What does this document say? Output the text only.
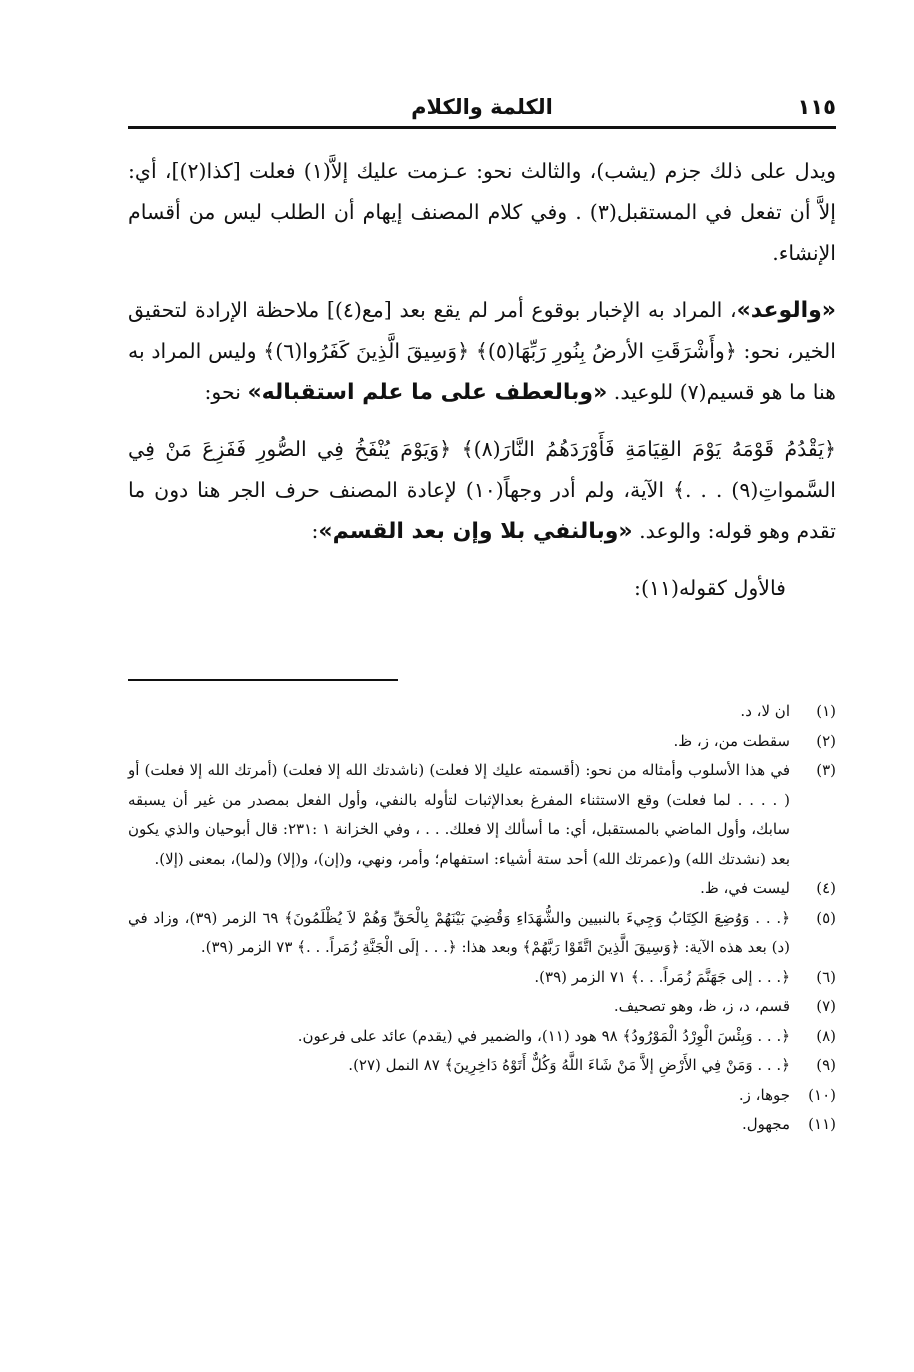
الكلمة والكلام	١١٥

ويدل على ذلك جزم (يشب)، والثالث نحو: عـزمت عليك إلاَّ(١) فعلت [كذا(٢)]، أي: إلاَّ أن تفعل في المستقبل(٣) . وفي كلام المصنف إيهام أن الطلب ليس من أقسام الإنشاء.

«والوعد»، المراد به الإخبار بوقوع أمر لم يقع بعد [مع(٤)] ملاحظة الإرادة لتحقيق الخير، نحو: ﴿وأَشْرَقَتِ الأرضُ بِنُورِ رَبِّهَا(٥)﴾ ﴿وَسِيقَ الَّذِينَ كَفَرُوا(٦)﴾ وليس المراد به هنا ما هو قسيم(٧) للوعيد. «وبالعطف على ما علم استقباله» نحو:

﴿يَقْدُمُ قَوْمَهُ يَوْمَ القِيَامَةِ فَأَوْرَدَهُمُ النَّارَ(٨)﴾ ﴿وَيَوْمَ يُنْفَخُ فِي الصُّورِ فَفَزِعَ مَنْ فِي السَّمواتِ(٩) . . .﴾ الآية، ولم أدر وجهاً(١٠) لإعادة المصنف حرف الجر هنا دون ما تقدم وهو قوله: والوعد. «وبالنفي بلا وإن بعد القسم»:

فالأول كقوله(١١):

(١)
ان لا، د.
(٢)
سقطت من، ز، ظ.
(٣)
في هذا الأسلوب وأمثاله من نحو: (أقسمته عليك إلا فعلت) (ناشدتك الله إلا فعلت) (أمرتك الله إلا فعلت) أو ( . . . . لما فعلت) وقع الاستثناء المفرغ بعدالإثبات لتأوله بالنفي، وأول الفعل بمصدر من غير أن يسبقه سابك، وأول الماضي بالمستقبل، أي: ما أسألك إلا فعلك. . . ، وفي الخزانة ١ :٢٣١: قال أبوحيان والذي يكون بعد (نشدتك الله) و(عمرتك الله) أحد ستة أشياء: استفهام؛ وأمر، ونهي، و(إن)، و(إلا) و(لما)، بمعنى (إلا).
(٤)
ليست في، ظ.
(٥)
﴿. . . وَوُضِعَ الكِتَابُ وَجِيءَ بالنبيين والشُّهَدَاءِ وَقُضِيَ بَيْنَهُمْ بِالْحَقِّ وَهُمْ لاَ يُظْلَمُونَ﴾ ٦٩ الزمر (٣٩)، وزاد في (د) بعد هذه الآية: ﴿وَسِيقَ الَّذِينَ اتَّقَوْا رَبَّهُمْ﴾ وبعد هذا: ﴿. . . إلَى الْجَنَّةِ زُمَراً. . .﴾ ٧٣ الزمر (٣٩).
(٦)
﴿. . . إلى جَهَنَّمَ زُمَراً. . .﴾ ٧١ الزمر (٣٩).
(٧)
قسم، د، ز، ظ، وهو تصحيف.
(٨)
﴿. . . وَبِئْسَ الْوِرْدُ الْمَوْرُودُ﴾ ٩٨ هود (١١)، والضمير في (يقدم) عائد على فرعون.
(٩)
﴿. . . وَمَنْ فِي الأَرْضِ إلاَّ مَنْ شَاءَ اللَّهُ وَكُلٌّ أَتَوْهُ دَاخِرِينَ﴾ ٨٧ النمل (٢٧).
(١٠)
جوها، ز.
(١١)
مجهول.
